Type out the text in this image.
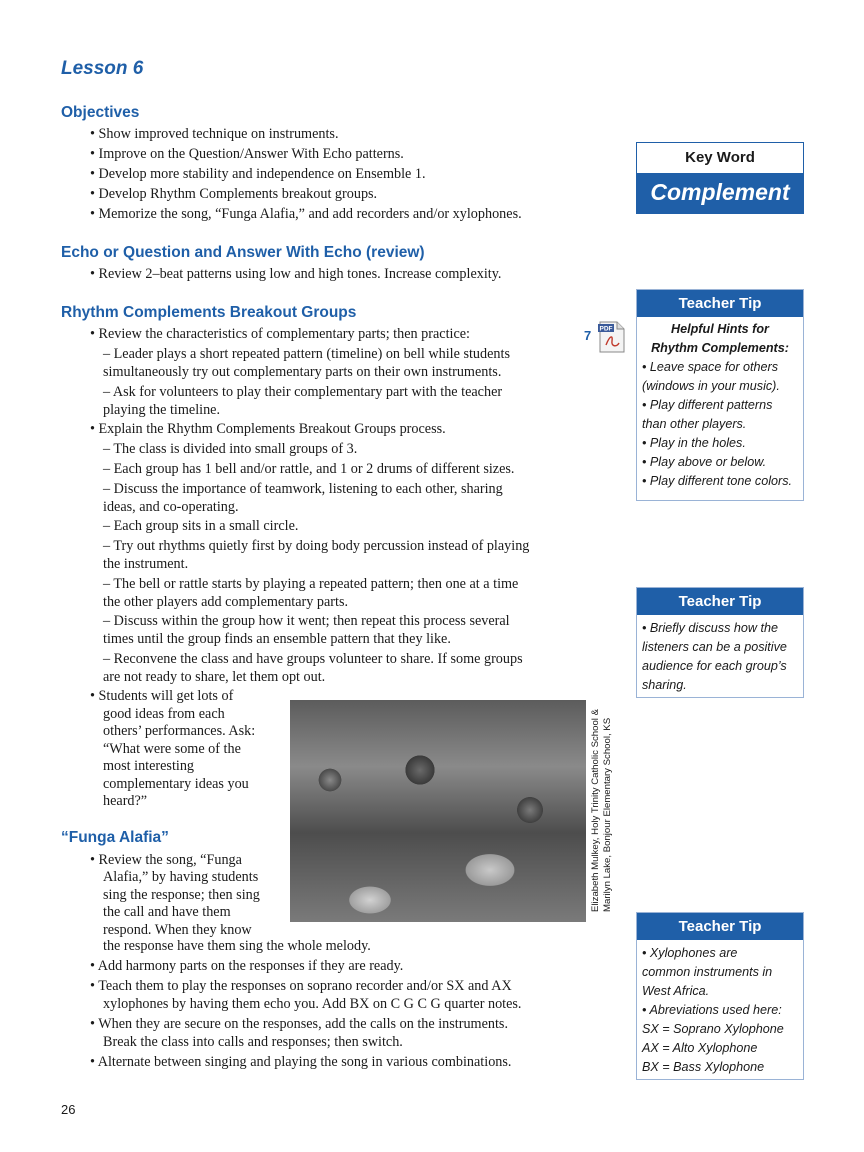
Lesson 6
Objectives
• Show improved technique on instruments.
• Improve on the Question/Answer With Echo patterns.
• Develop more stability and independence on Ensemble 1.
• Develop Rhythm Complements breakout groups.
• Memorize the song, “Funga Alafia,” and add recorders and/or xylophones.
Echo or Question and Answer With Echo (review)
• Review 2–beat patterns using low and high tones. Increase complexity.
Rhythm Complements Breakout Groups
• Review the characteristics of complementary parts; then practice:
– Leader plays a short repeated pattern (timeline) on bell while students
simultaneously try out complementary parts on their own instruments.
– Ask for volunteers to play their complementary part with the teacher
playing the timeline.
• Explain the Rhythm Complements Breakout Groups process.
– The class is divided into small groups of 3.
– Each group has 1 bell and/or rattle, and 1 or 2 drums of different sizes.
– Discuss the importance of teamwork, listening to each other, sharing
ideas, and co-operating.
– Each group sits in a small circle.
– Try out rhythms quietly first by doing body percussion instead of playing
the instrument.
– The bell or rattle starts by playing a repeated pattern; then one at a time
the other players add complementary parts.
– Discuss within the group how it went; then repeat this process several
times until the group finds an ensemble pattern that they like.
– Reconvene the class and have groups volunteer to share. If some groups
are not ready to share, let them opt out.
• Students will get lots of
good ideas from each
others’ performances. Ask:
“What were some of the
most interesting
complementary ideas you
heard?”
“Funga Alafia”
• Review the song, “Funga
Alafia,” by having students
sing the response; then sing
the call and have them
respond. When they know
the response have them sing the whole melody.
• Add harmony parts on the responses if they are ready.
• Teach them to play the responses on soprano recorder and/or SX and AX
xylophones by having them echo you. Add BX on C G C G quarter notes.
• When they are secure on the responses, add the calls on the instruments.
Break the class into calls and responses; then switch.
• Alternate between singing and playing the song in various combinations.
7 PDF
Elizabeth Mulkey, Holy Trinity Catholic School & Marilyn Lake, Bonjour Elementary School, KS
Key Word
Complement
Teacher Tip
Helpful Hints for
Rhythm Complements:
• Leave space for others
(windows in your music).
• Play different patterns
than other players.
• Play in the holes.
• Play above or below.
• Play different tone colors.
Teacher Tip
• Briefly discuss how the
listeners can be a positive
audience for each group’s
sharing.
Teacher Tip
• Xylophones are
common instruments in
West Africa.
• Abreviations used here:
SX = Soprano Xylophone
AX = Alto Xylophone
BX = Bass Xylophone
26
